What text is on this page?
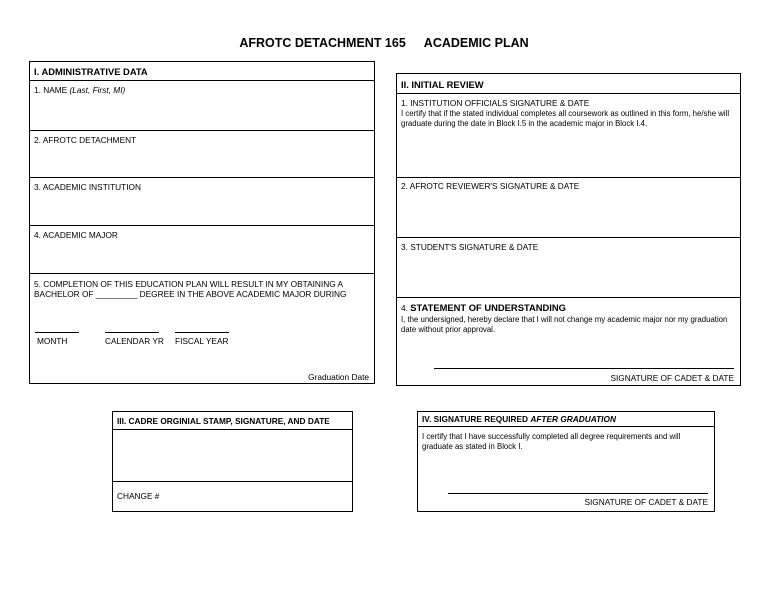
AFROTC DETACHMENT 165 ACADEMIC PLAN
I. ADMINISTRATIVE DATA
1. NAME (Last, First, MI)
2. AFROTC DETACHMENT
3. ACADEMIC INSTITUTION
4. ACADEMIC MAJOR
5. COMPLETION OF THIS EDUCATION PLAN WILL RESULT IN MY OBTAINING A
BACHELOR OF _________ DEGREE IN THE ABOVE ACADEMIC MAJOR DURING
MONTH	CALENDAR YR FISCAL YEAR
Graduation Date
II. INITIAL REVIEW
1. INSTITUTION OFFICIALS SIGNATURE & DATE
I certify that if the stated individual completes all coursework as outlined in this form, he/she will graduate during the date in Block I.5 in the academic major in Block I.4.
2. AFROTC REVIEWER'S SIGNATURE & DATE
3. STUDENT'S SIGNATURE & DATE
4. STATEMENT OF UNDERSTANDING
I, the undersigned, hereby declare that I will not change my academic major nor my graduation date without prior approval.
SIGNATURE OF CADET & DATE
III. CADRE ORGINIAL STAMP, SIGNATURE, AND DATE
CHANGE #
IV. SIGNATURE REQUIRED AFTER GRADUATION
I certify that I have successfully completed all degree requirements and will graduate as stated in Block I.
SIGNATURE OF CADET & DATE
